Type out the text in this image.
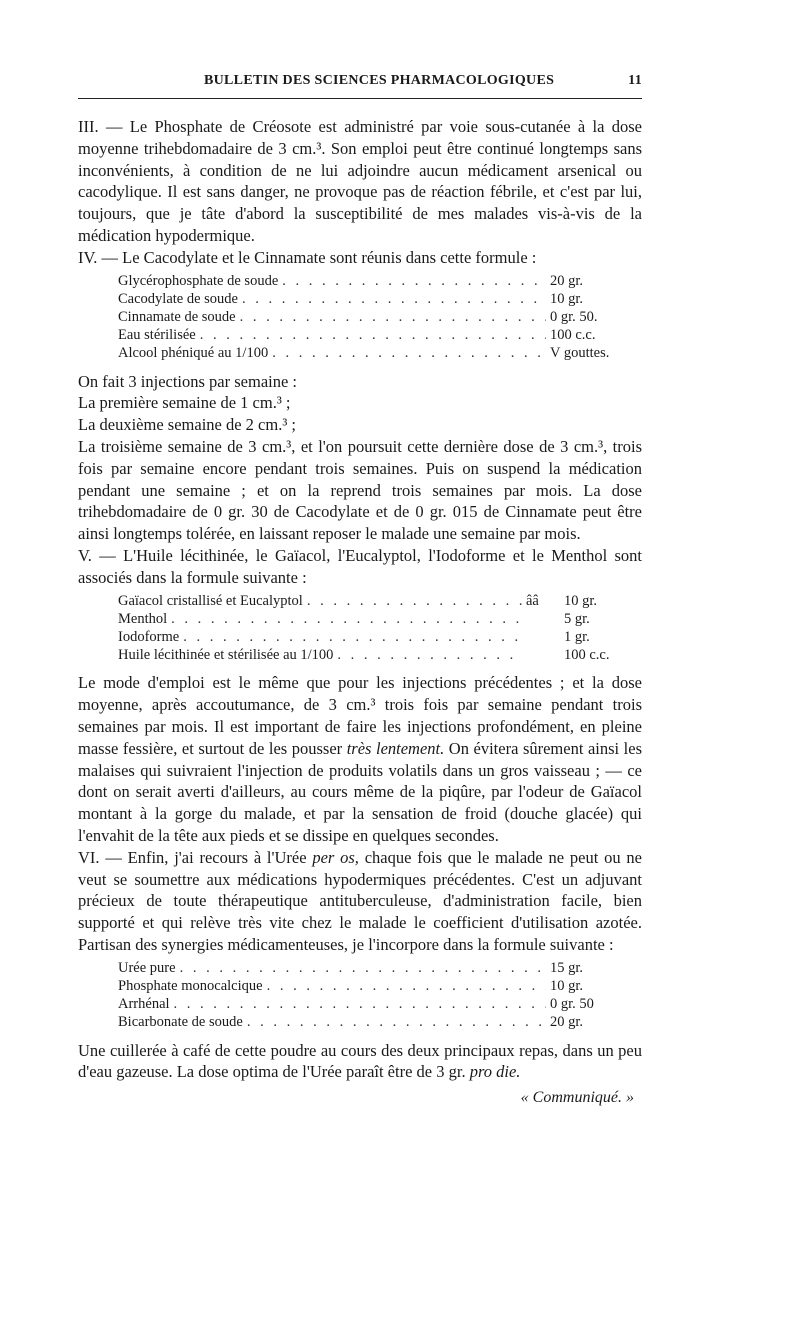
BULLETIN DES SCIENCES PHARMACOLOGIQUES	11

III. — Le Phosphate de Créosote est administré par voie sous-cutanée à la dose moyenne trihebdomadaire de 3 cm.³. Son emploi peut être continué longtemps sans inconvénients, à condition de ne lui adjoindre aucun médicament arsenical ou cacodylique. Il est sans danger, ne provoque pas de réaction fébrile, et c'est par lui, toujours, que je tâte d'abord la susceptibilité de mes malades vis-à-vis de la médication hypodermique.

IV. — Le Cacodylate et le Cinnamate sont réunis dans cette formule :

Glycérophosphate de soude . . .	20 gr.
Cacodylate de soude . . .	10 gr.
Cinnamate de soude . . .	0 gr. 50.
Eau stérilisée . . .	100 c.c.
Alcool phéniqué au 1/100 . . .	V gouttes.

On fait 3 injections par semaine :

La première semaine de 1 cm.³ ;

La deuxième semaine de 2 cm.³ ;

La troisième semaine de 3 cm.³, et l'on poursuit cette dernière dose de 3 cm.³, trois fois par semaine encore pendant trois semaines. Puis on suspend la médication pendant une semaine ; et on la reprend trois semaines par mois. La dose trihebdomadaire de 0 gr. 30 de Cacodylate et de 0 gr. 015 de Cinnamate peut être ainsi longtemps tolérée, en laissant reposer le malade une semaine par mois.

V. — L'Huile lécithinée, le Gaïacol, l'Eucalyptol, l'Iodoforme et le Menthol sont associés dans la formule suivante :

Gaïacol cristallisé et Eucalyptol . . .	ââ	10 gr.
Menthol . . .	5 gr.
Iodoforme . . .	1 gr.
Huile lécithinée et stérilisée au 1/100 . . .	100 c.c.

Le mode d'emploi est le même que pour les injections précédentes ; et la dose moyenne, après accoutumance, de 3 cm.³ trois fois par semaine pendant trois semaines par mois. Il est important de faire les injections profondément, en pleine masse fessière, et surtout de les pousser très lentement. On évitera sûrement ainsi les malaises qui suivraient l'injection de produits volatils dans un gros vaisseau ; — ce dont on serait averti d'ailleurs, au cours même de la piqûre, par l'odeur de Gaïacol montant à la gorge du malade, et par la sensation de froid (douche glacée) qui l'envahit de la tête aux pieds et se dissipe en quelques secondes.

VI. — Enfin, j'ai recours à l'Urée per os, chaque fois que le malade ne peut ou ne veut se soumettre aux médications hypodermiques précédentes. C'est un adjuvant précieux de toute thérapeutique antituberculeuse, d'administration facile, bien supporté et qui relève très vite chez le malade le coefficient d'utilisation azotée. Partisan des synergies médicamenteuses, je l'incorpore dans la formule suivante :

Urée pure . . .	15 gr.
Phosphate monocalcique . . .	10 gr.
Arrhénal . . .	0 gr. 50
Bicarbonate de soude . . .	20 gr.

Une cuillerée à café de cette poudre au cours des deux principaux repas, dans un peu d'eau gazeuse. La dose optima de l'Urée paraît être de 3 gr. pro die.

« Communiqué. »
